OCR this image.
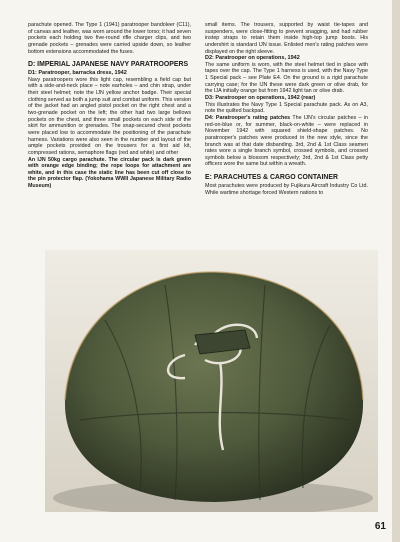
parachute opened. The Type 1 (1941) paratrooper bandoleer (C11), of canvas and leather, was worn around the lower torso; it had seven pockets each holding two five-round rifle charger clips, and two grenade pockets – grenades were carried upside down, so leather bottom extensions accommodated the fuses.

D: IMPERIAL JAPANESE NAVY PARATROOPERS
D1: Paratrooper, barracka dress, 1942

Navy paratroopers wore this light cap, resembling a field cap but with a side-and-neck place – note earholes – and chin strap, under their steel helmet; note the IJN yellow anchor badge. Their special clothing served as both a jump suit and combat uniform. This version of the jacket had an angled pistol pocket on the right chest and a two-grenade pocket on the left; the other had two large bellows pockets on the chest, and three small pockets on each side of the skirt for ammunition or grenades. The snap-secured chest pockets were placed low to accommodate the positioning of the parachute harness. Variations were also seen in the number and layout of the ample pockets provided on the trousers for a first aid kit, compressed rations, semaphore flags (red and white) and other

An IJN 50kg cargo parachute. The circular pack is dark green with orange edge binding; the rope loops for attachment are white, and in this case the static line has been cut off close to the pin protector flap. (Yokohama WWII Japanese Military Radio Museum)

small items. The trousers, supported by waist tie-tapes and suspenders, were close-fitting to prevent snagging, and had rubber instep straps to retain them inside high-top jump boots. His undershirt is standard IJN issue. Enlisted men's rating patches were displayed on the right sleeve.

D2: Paratrooper on operations, 1942

The same uniform is worn, with the steel helmet tied in place with tapes over the cap. The Type 1 harness is used, with the Navy Type 1 Special pack – see Plate E4. On the ground is a rigid parachute carrying case; for the IJN these were dark green or olive drab, for the IJA initially orange but from 1942 light tan or olive drab.

D3: Paratrooper on operations, 1942 (rear)

This illustrates the Navy Type 1 Special parachute pack. As on A3, note the quilted backpad.

D4: Paratrooper's rating patches The IJN's circular patches – in red-on-blue or, for summer, black-on-white – were replaced in November 1942 with squared shield-shape patches. No paratrooper's patches were produced in the new style, since the branch was at that date disbanding. 3rd, 2nd & 1st Class seamen rates wore a single branch symbol, crossed symbols, and crossed symbols below a blossom respectively; 3rd, 2nd & 1st Class petty officers wore the same but within a wreath.

E: PARACHUTES & CARGO CONTAINER

Most parachutes were produced by Fujikura Aircraft Industry Co Ltd. While wartime shortage forced Western nations to

61
